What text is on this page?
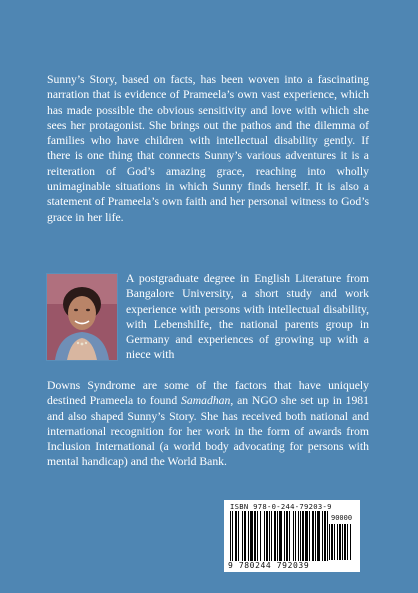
Sunny’s Story, based on facts, has been woven into a fascinating narration that is evidence of Prameela’s own vast experience, which has made possible the obvious sensitivity and love with which she sees her protagonist. She brings out the pathos and the dilemma of families who have children with intellectual disability gently. If there is one thing that connects Sunny’s various adventures it is a reiteration of God’s amazing grace, reaching into wholly unimaginable situations in which Sunny finds herself. It is also a statement of Prameela’s own faith and her personal witness to God’s grace in her life.

A postgraduate degree in English Literature from Bangalore University, a short study and work experience with persons with intellectual disability, with Lebenshilfe, the national parents group in Germany and experiences of growing up with a niece with

Downs Syndrome are some of the factors that have uniquely destined Prameela to found Samadhan, an NGO she set up in 1981 and also shaped Sunny’s Story. She has received both national and international recognition for her work in the form of awards from Inclusion International (a world body advocating for persons with mental handicap) and the World Bank.

ISBN 978-0-244-79203-9
90000
9 780244 792039
